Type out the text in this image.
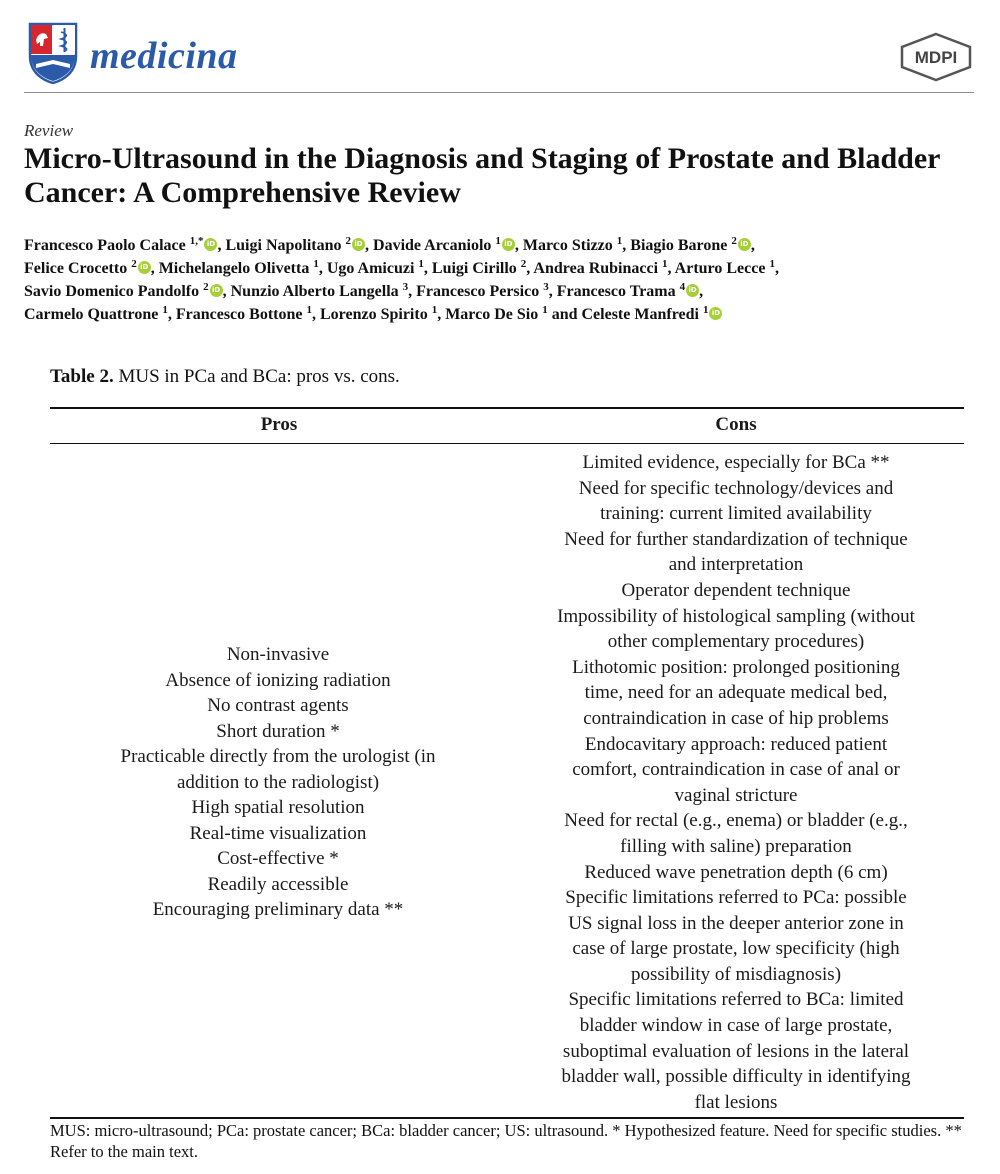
medicina	MDPI
Review
Micro-Ultrasound in the Diagnosis and Staging of Prostate and Bladder Cancer: A Comprehensive Review

Francesco Paolo Calace $^{1,*}$ iD , Luigi Napolitano $^2$ iD , Davide Arcaniolo $^1$ iD , Marco Stizzo $^1$, Biagio Barone $^2$ iD ,
Felice Crocetto $^2$ iD , Michelangelo Olivetta $^1$, Ugo Amicuzi $^1$, Luigi Cirillo $^2$, Andrea Rubinacci $^1$, Arturo Lecce $^1$,
Savio Domenico Pandolfo $^2$ iD , Nunzio Alberto Langella $^3$, Francesco Persico $^3$, Francesco Trama $^4$ iD ,
Carmelo Quattrone $^1$, Francesco Bottone $^1$, Lorenzo Spirito $^1$, Marco De Sio $^1$ and Celeste Manfredi $^1$ iD

Table 2. MUS in PCa and BCa: pros vs. cons.
Pros	Cons
Non-invasive
Absence of ionizing radiation
No contrast agents
Short duration *
Practicable directly from the urologist (in
addition to the radiologist)
High spatial resolution
Real-time visualization
Cost-effective *
Readily accessible
Encouraging preliminary data **
Limited evidence, especially for BCa **
Need for specific technology/devices and
training: current limited availability
Need for further standardization of technique
and interpretation
Operator dependent technique
Impossibility of histological sampling (without
other complementary procedures)
Lithotomic position: prolonged positioning
time, need for an adequate medical bed,
contraindication in case of hip problems
Endocavitary approach: reduced patient
comfort, contraindication in case of anal or
vaginal stricture
Need for rectal (e.g., enema) or bladder (e.g.,
filling with saline) preparation
Reduced wave penetration depth (6 cm)
Specific limitations referred to PCa: possible
US signal loss in the deeper anterior zone in
case of large prostate, low specificity (high
possibility of misdiagnosis)
Specific limitations referred to BCa: limited
bladder window in case of large prostate,
suboptimal evaluation of lesions in the lateral
bladder wall, possible difficulty in identifying
flat lesions
MUS: micro-ultrasound; PCa: prostate cancer; BCa: bladder cancer; US: ultrasound. * Hypothesized feature. Need for specific studies. ** Refer to the main text.
